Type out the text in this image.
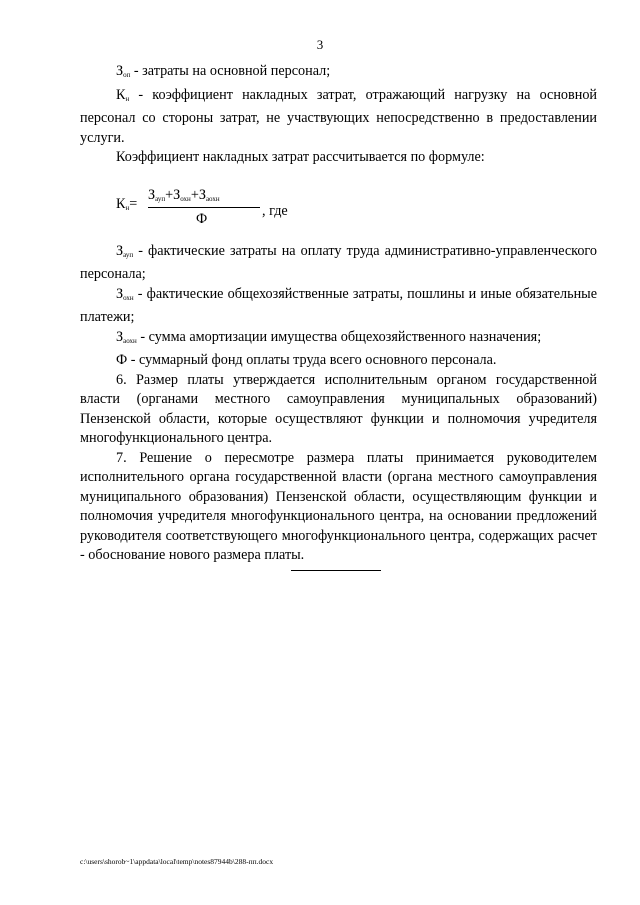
3

$З_{оп}$ - затраты на основной персонал;

$К_н$ - коэффициент накладных затрат, отражающий нагрузку на основной персонал со стороны затрат, не участвующих непосредственно в предоставлении услуги.

Коэффициент накладных затрат рассчитывается по формуле:

$К_н=$
$З_{ауп}+З_{охн}+З_{аохн}$
Ф	, где

$З_{ауп}$ - фактические затраты на оплату труда административно-управленческого персонала;

$З_{охн}$ - фактические общехозяйственные затраты, пошлины и иные обязательные платежи;

$З_{аохн}$ - сумма амортизации имущества общехозяйственного назначения;

Ф - суммарный фонд оплаты труда всего основного персонала.

6. Размер платы утверждается исполнительным органом государственной власти (органами местного самоуправления муниципальных образований) Пензенской области, которые осуществляют функции и полномочия учредителя многофункционального центра.

7. Решение о пересмотре размера платы принимается руководителем исполнительного органа государственной власти (органа местного самоуправления муниципального образования) Пензенской области, осуществляющим функции и полномочия учредителя многофункционального центра, на основании предложений руководителя соответствующего многофункционального центра, содержащих расчет - обоснование нового размера платы.

c:\users\shorob~1\appdata\local\temp\notes87944b\288-пп.docx
